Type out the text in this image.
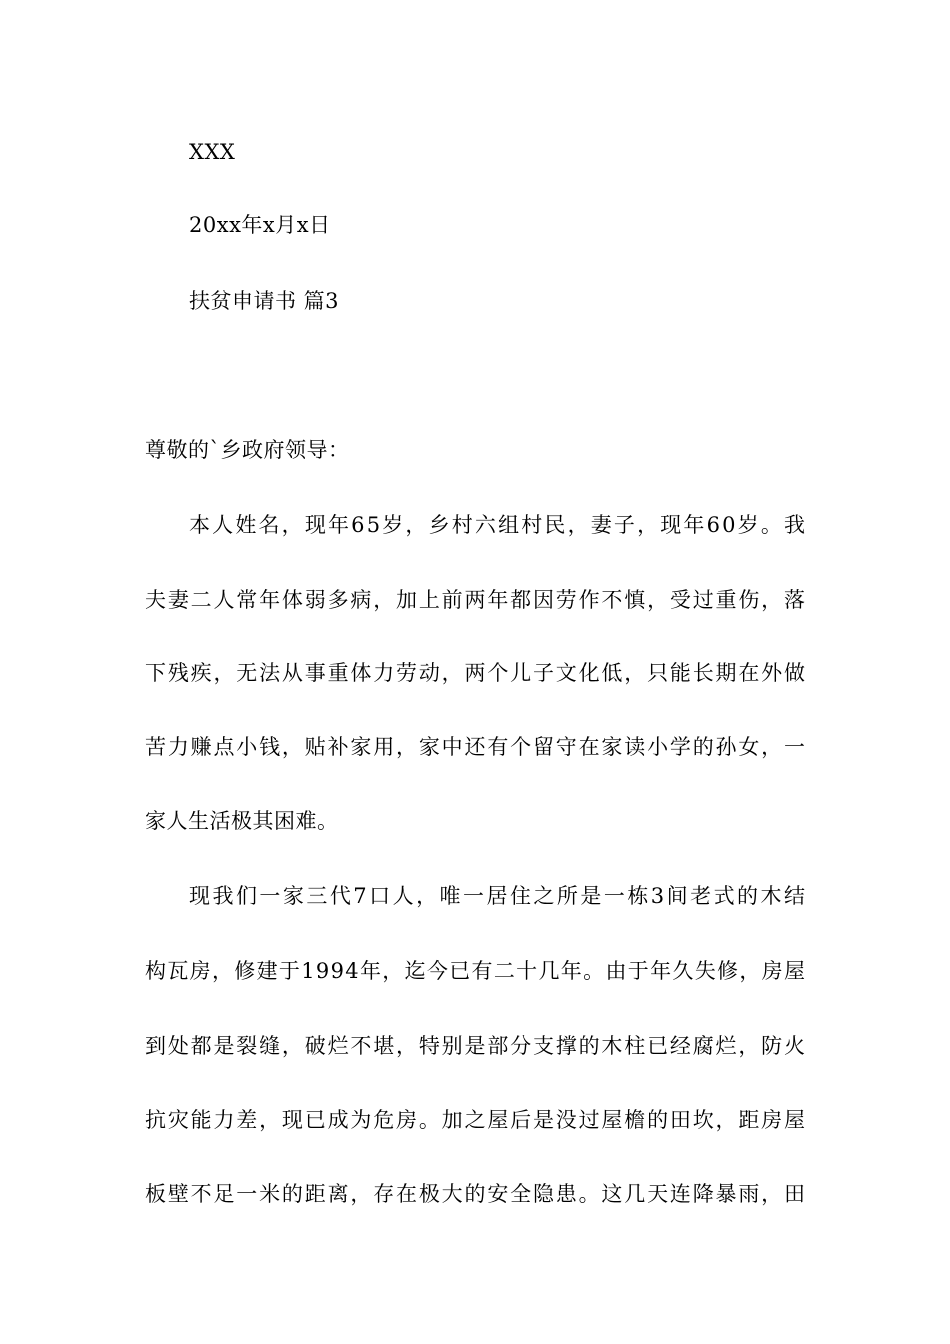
XXX
20xx年x月x日
扶贫申请书 篇3
尊敬的`乡政府领导：
本人姓名，现年65岁，乡村六组村民，妻子，现年60岁。我
夫妻二人常年体弱多病，加上前两年都因劳作不慎，受过重伤，落
下残疾，无法从事重体力劳动，两个儿子文化低，只能长期在外做
苦力赚点小钱，贴补家用，家中还有个留守在家读小学的孙女，一
家人生活极其困难。
现我们一家三代7口人，唯一居住之所是一栋3间老式的木结
构瓦房，修建于1994年，迄今已有二十几年。由于年久失修，房屋
到处都是裂缝，破烂不堪，特别是部分支撑的木柱已经腐烂，防火
抗灾能力差，现已成为危房。加之屋后是没过屋檐的田坎，距房屋
板壁不足一米的距离，存在极大的安全隐患。这几天连降暴雨，田
